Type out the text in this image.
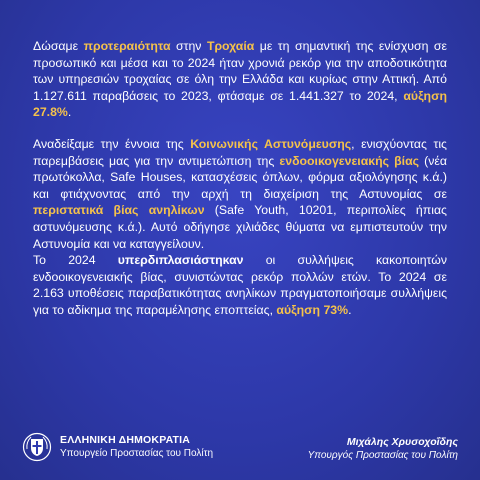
Δώσαμε προτεραιότητα στην Τροχαία με τη σημαντική της ενίσχυση σε προσωπικό και μέσα και το 2024 ήταν χρονιά ρεκόρ για την αποδοτικότητα των υπηρεσιών τροχαίας σε όλη την Ελλάδα και κυρίως στην Αττική. Από 1.127.611 παραβάσεις το 2023, φτάσαμε σε 1.441.327 το 2024, αύξηση 27.8%.

Αναδείξαμε την έννοια της Κοινωνικής Αστυνόμευσης, ενισχύοντας τις παρεμβάσεις μας για την αντιμετώπιση της ενδοοικογενειακής βίας (νέα πρωτόκολλα, Safe Houses, κατασχέσεις όπλων, φόρμα αξιολόγησης κ.ά.) και φτιάχνοντας από την αρχή τη διαχείριση της Αστυνομίας σε περιστατικά βίας ανηλίκων (Safe Youth, 10201, περιπολίες ήπιας αστυνόμευσης κ.ά.). Αυτό οδήγησε χιλιάδες θύματα να εμπιστευτούν την Αστυνομία και να καταγγείλουν.

Το 2024 υπερδιπλασιάστηκαν οι συλλήψεις κακοποιητών ενδοοικογενειακής βίας, συνιστώντας ρεκόρ πολλών ετών. Το 2024 σε 2.163 υποθέσεις παραβατικότητας ανηλίκων πραγματοποιήσαμε συλλήψεις για το αδίκημα της παραμέλησης εποπτείας, αύξηση 73%.

ΕΛΛΗΝΙΚΗ ΔΗΜΟΚΡΑΤΙΑ
Υπουργείο Προστασίας του Πολίτη
Μιχάλης Χρυσοχοΐδης
Υπουργός Προστασίας του Πολίτη
